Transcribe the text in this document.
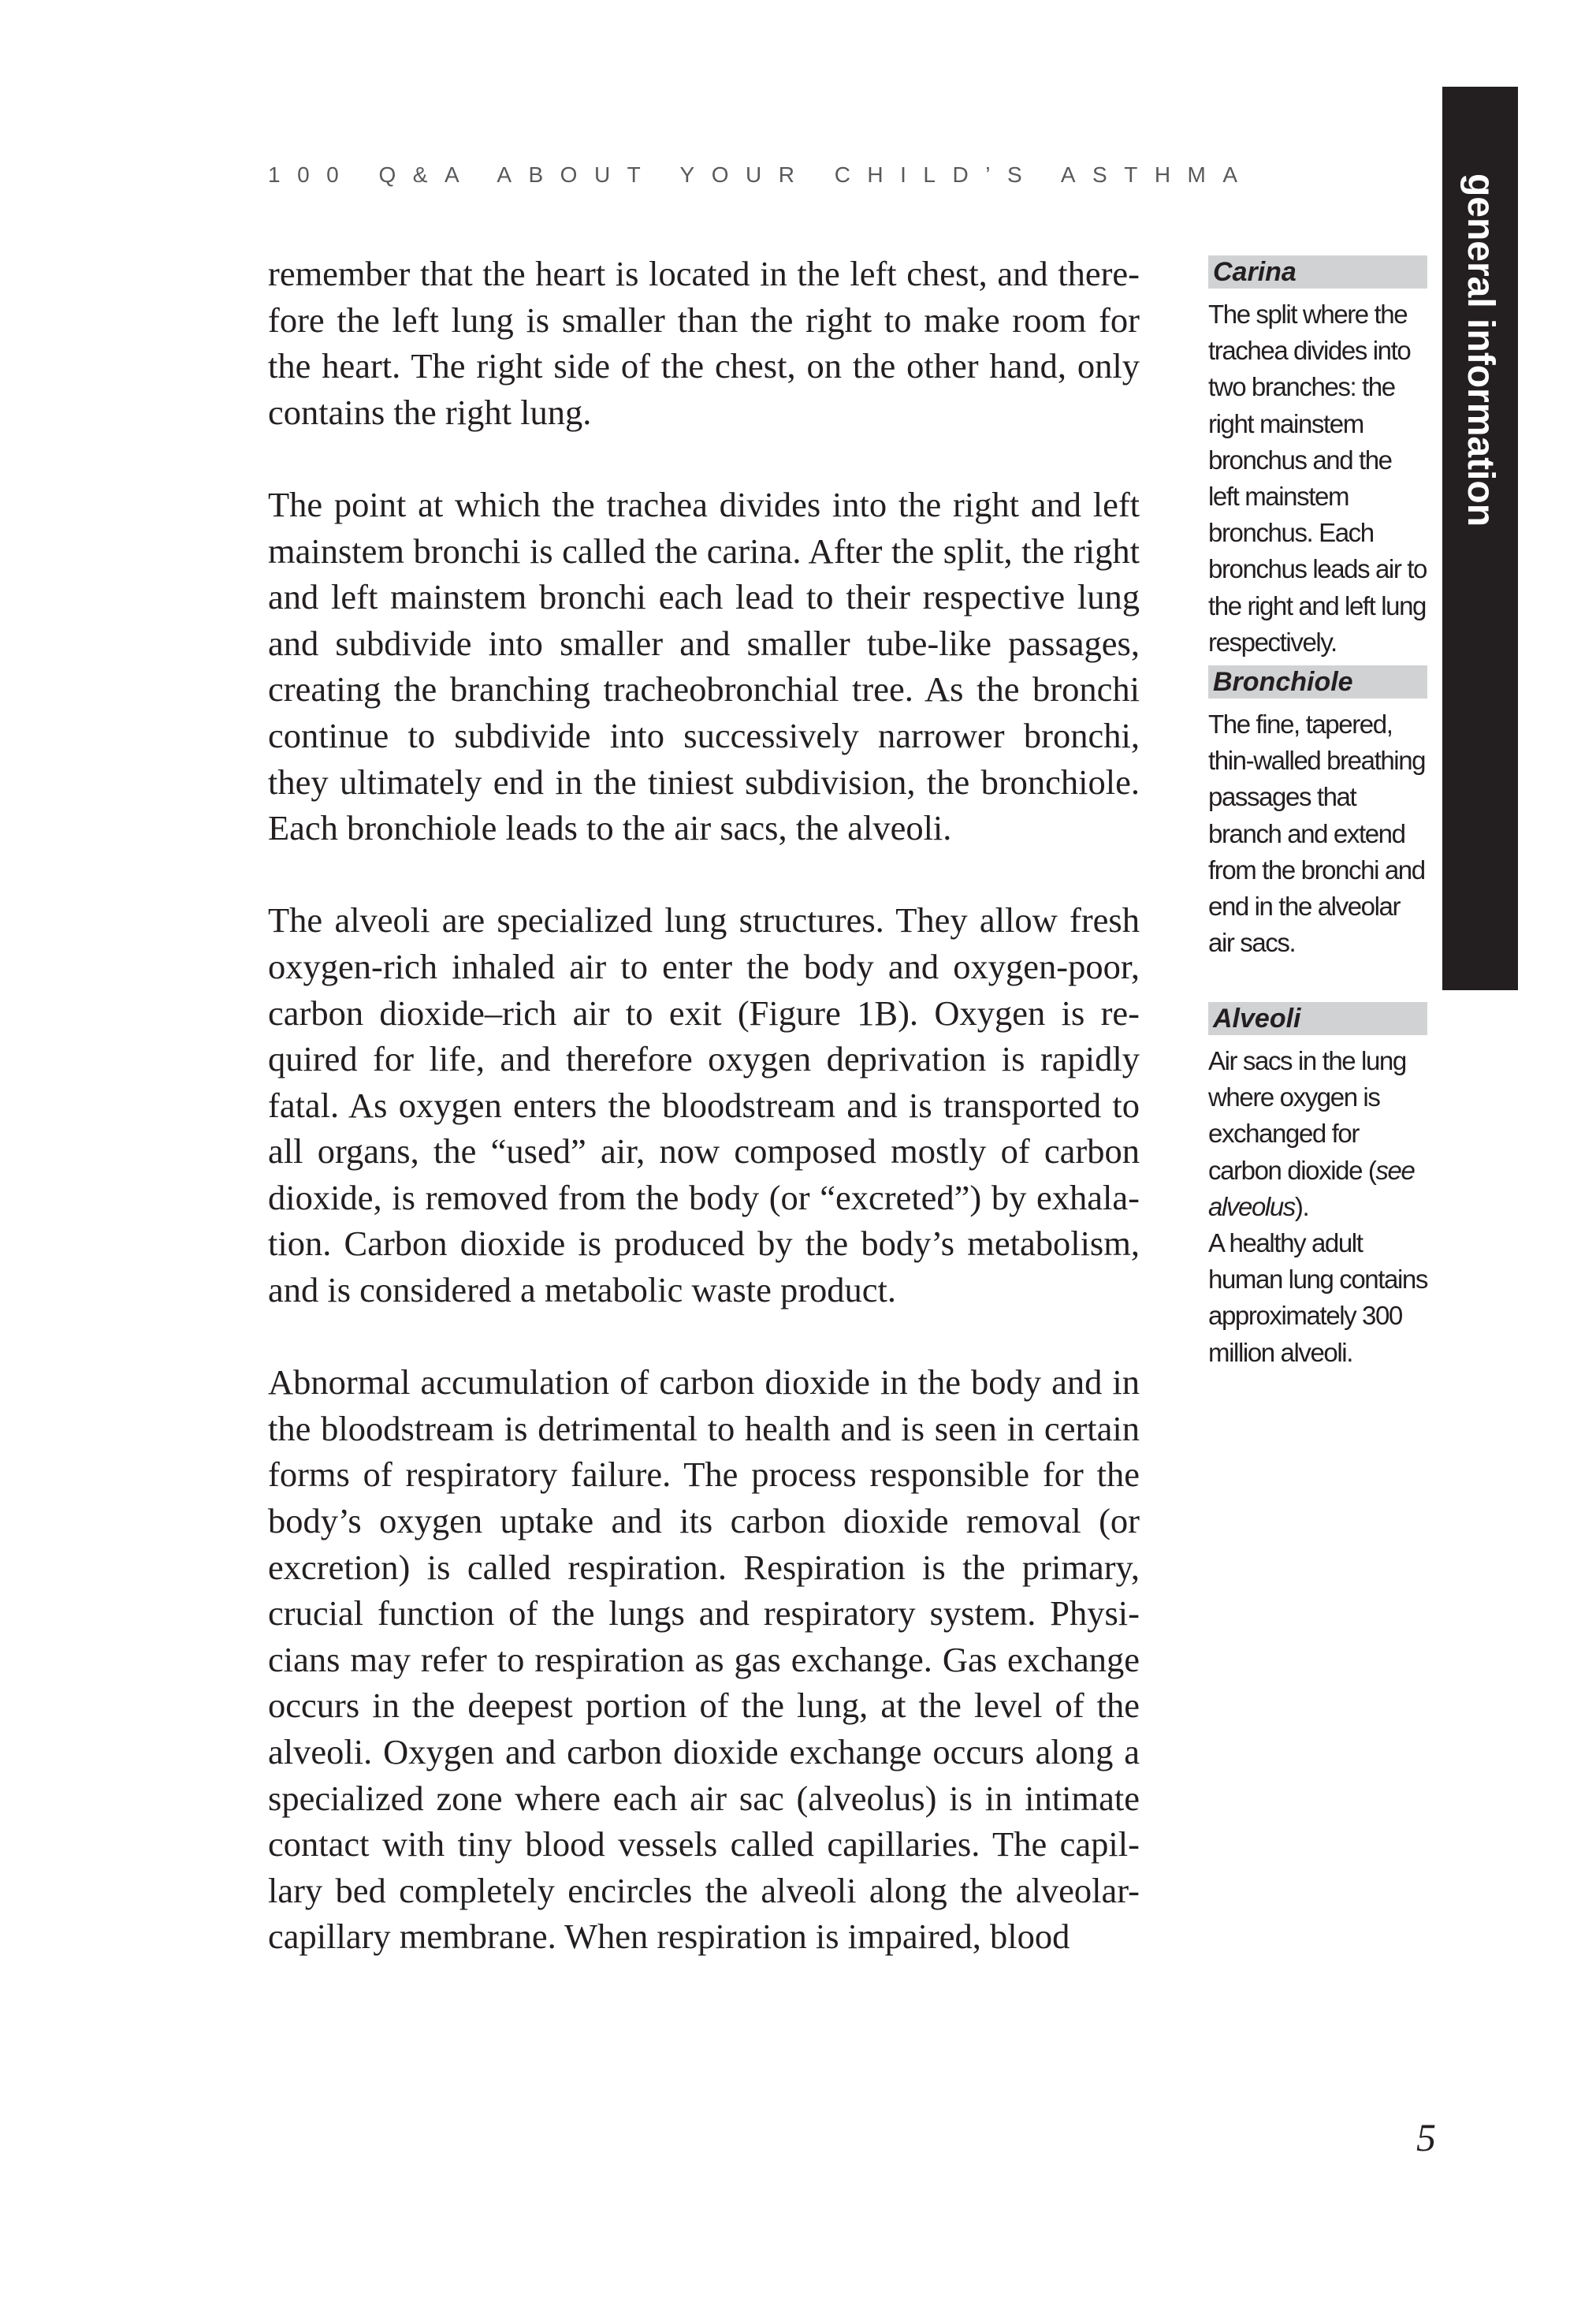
100 Q&A ABOUT YOUR CHILD’S ASTHMA	general information

remember that the heart is located in the left chest, and therefore the left lung is smaller than the right to make room for the heart. The right side of the chest, on the other hand, only contains the right lung.

The point at which the trachea divides into the right and left mainstem bronchi is called the carina. After the split, the right and left mainstem bronchi each lead to their respective lung and subdivide into smaller and smaller tube-like passages, creating the branching tracheobronchial tree. As the bronchi continue to subdivide into successively narrower bronchi, they ultimately end in the tiniest subdivision, the bronchiole. Each bronchiole leads to the air sacs, the alveoli.

The alveoli are specialized lung structures. They allow fresh oxygen-rich inhaled air to enter the body and oxygen-poor, carbon dioxide–rich air to exit (Figure 1B). Oxygen is required for life, and therefore oxygen deprivation is rapidly fatal. As oxygen enters the bloodstream and is transported to all organs, the “used” air, now composed mostly of carbon dioxide, is removed from the body (or “excreted”) by exhalation. Carbon dioxide is produced by the body’s metabolism, and is considered a metabolic waste product.

Abnormal accumulation of carbon dioxide in the body and in the bloodstream is detrimental to health and is seen in certain forms of respiratory failure. The process responsible for the body’s oxygen uptake and its carbon dioxide removal (or excretion) is called respiration. Respiration is the primary, crucial function of the lungs and respiratory system. Physicians may refer to respiration as gas exchange. Gas exchange occurs in the deepest portion of the lung, at the level of the alveoli. Oxygen and carbon dioxide exchange occurs along a specialized zone where each air sac (alveolus) is in intimate contact with tiny blood vessels called capillaries. The capillary bed completely encircles the alveoli along the alveolar-capillary membrane. When respiration is impaired, blood

Carina
The split where the trachea divides into two branches: the right mainstem bronchus and the left mainstem bronchus. Each bronchus leads air to the right and left lung respectively.
Bronchiole
The fine, tapered, thin-walled breathing passages that branch and extend from the bronchi and end in the alveolar air sacs.
Alveoli
Air sacs in the lung where oxygen is exchanged for carbon dioxide (see alveolus).
A healthy adult human lung contains approximately 300 million alveoli.
5
